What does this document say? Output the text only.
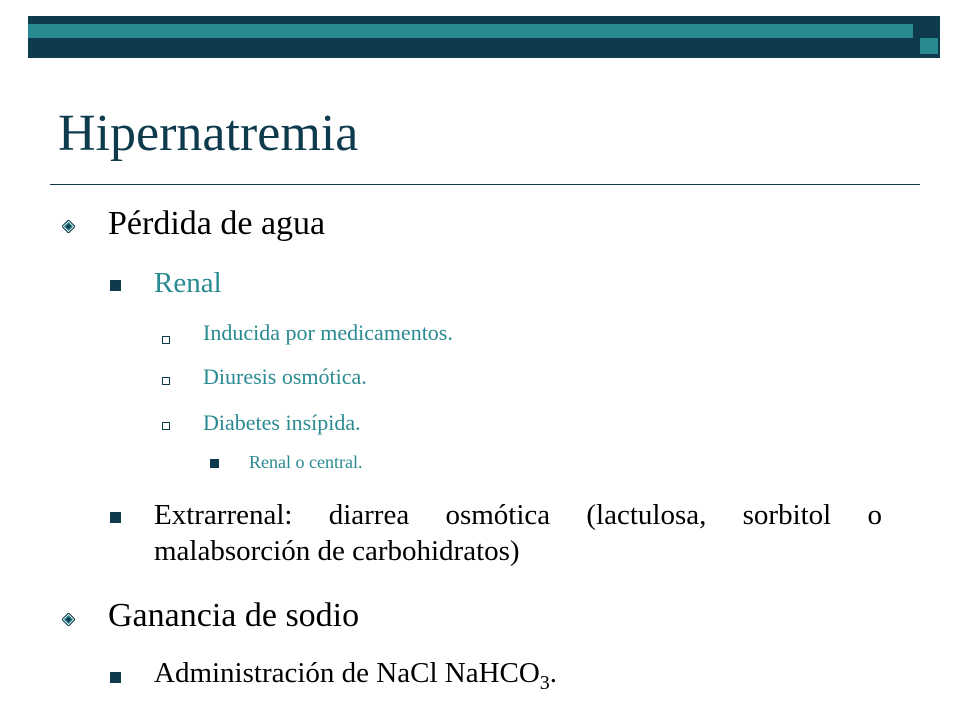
Hipernatremia
Pérdida de agua
Renal
Inducida por medicamentos.
Diuresis osmótica.
Diabetes insípida.
Renal o central.
Extrarrenal: diarrea osmótica (lactulosa, sorbitol o malabsorción de carbohidratos)
Ganancia de sodio
Administración de NaCl NaHCO$_3$.
